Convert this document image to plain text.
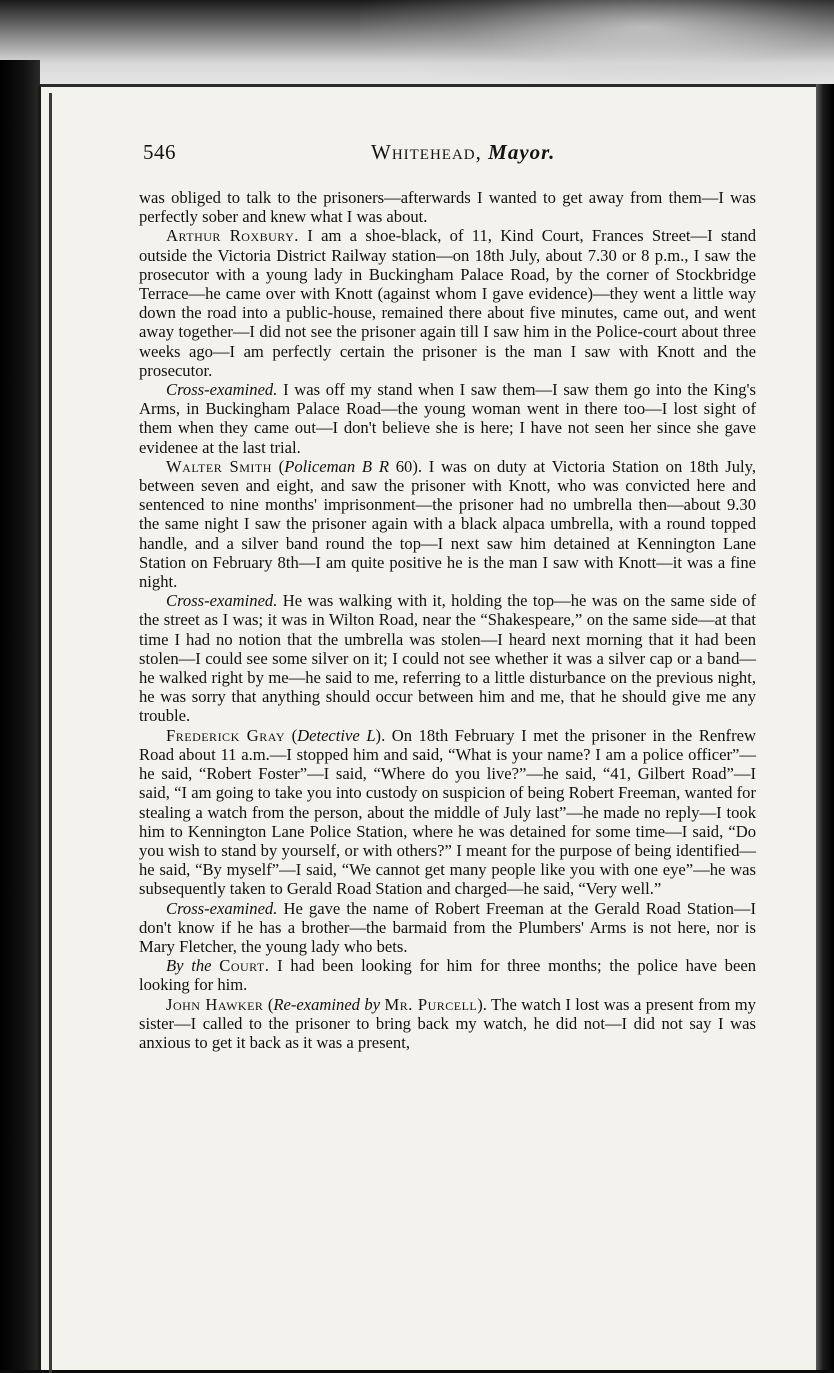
546	Whitehead, Mayor.

was obliged to talk to the prisoners—afterwards I wanted to get away from them—I was perfectly sober and knew what I was about.

Arthur Roxbury. I am a shoe-black, of 11, Kind Court, Frances Street—I stand outside the Victoria District Railway station—on 18th July, about 7.30 or 8 p.m., I saw the prosecutor with a young lady in Buckingham Palace Road, by the corner of Stockbridge Terrace—he came over with Knott (against whom I gave evidence)—they went a little way down the road into a public-house, remained there about five minutes, came out, and went away together—I did not see the prisoner again till I saw him in the Police-court about three weeks ago—I am perfectly certain the prisoner is the man I saw with Knott and the prosecutor.

Cross-examined. I was off my stand when I saw them—I saw them go into the King's Arms, in Buckingham Palace Road—the young woman went in there too—I lost sight of them when they came out—I don't believe she is here; I have not seen her since she gave evidenee at the last trial.

Walter Smith (Policeman B R 60). I was on duty at Victoria Station on 18th July, between seven and eight, and saw the prisoner with Knott, who was convicted here and sentenced to nine months' imprisonment—the prisoner had no umbrella then—about 9.30 the same night I saw the prisoner again with a black alpaca umbrella, with a round topped handle, and a silver band round the top—I next saw him detained at Kennington Lane Station on February 8th—I am quite positive he is the man I saw with Knott—it was a fine night.

Cross-examined. He was walking with it, holding the top—he was on the same side of the street as I was; it was in Wilton Road, near the “Shakespeare,” on the same side—at that time I had no notion that the umbrella was stolen—I heard next morning that it had been stolen—I could see some silver on it; I could not see whether it was a silver cap or a band—he walked right by me—he said to me, referring to a little disturbance on the previous night, he was sorry that anything should occur between him and me, that he should give me any trouble.

Frederick Gray (Detective L). On 18th February I met the prisoner in the Renfrew Road about 11 a.m.—I stopped him and said, “What is your name? I am a police officer”—he said, “Robert Foster”—I said, “Where do you live?”—he said, “41, Gilbert Road”—I said, “I am going to take you into custody on suspicion of being Robert Freeman, wanted for stealing a watch from the person, about the middle of July last”—he made no reply—I took him to Kennington Lane Police Station, where he was detained for some time—I said, “Do you wish to stand by yourself, or with others?” I meant for the purpose of being identified—he said, “By myself”—I said, “We cannot get many people like you with one eye”—he was subsequently taken to Gerald Road Station and charged—he said, “Very well.”

Cross-examined. He gave the name of Robert Freeman at the Gerald Road Station—I don't know if he has a brother—the barmaid from the Plumbers' Arms is not here, nor is Mary Fletcher, the young lady who bets.

By the Court. I had been looking for him for three months; the police have been looking for him.

John Hawker (Re-examined by Mr. Purcell). The watch I lost was a present from my sister—I called to the prisoner to bring back my watch, he did not—I did not say I was anxious to get it back as it was a present,
